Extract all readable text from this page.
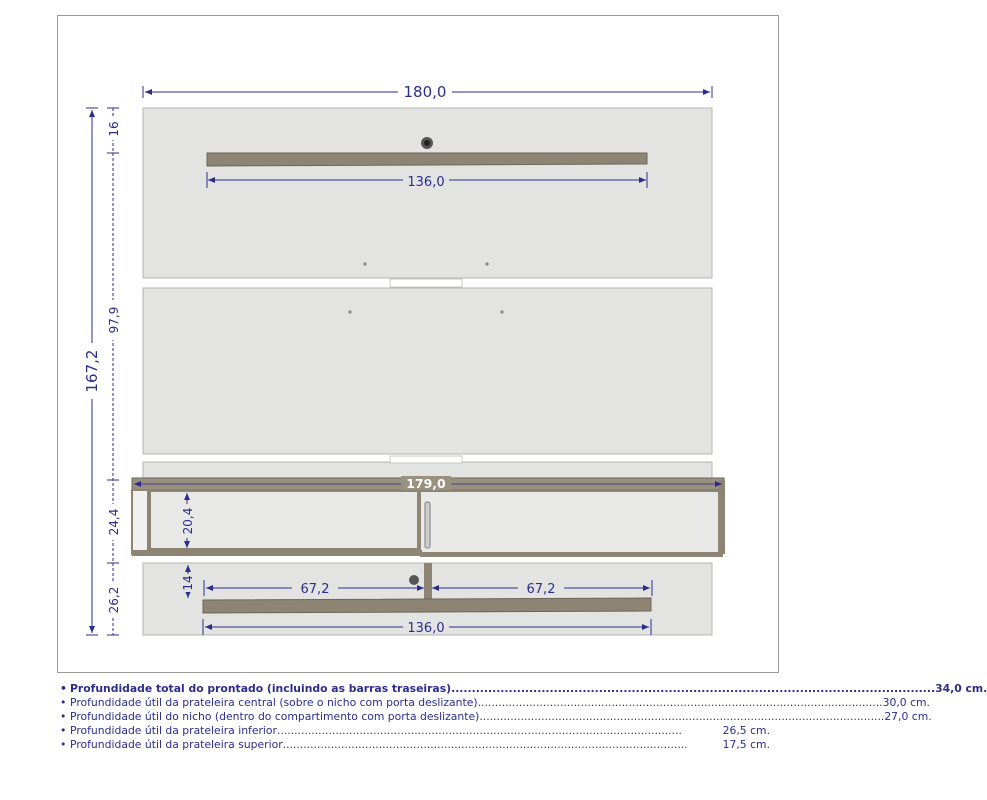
180,0
136,0
167,2
16
97,9
24,4
26,2
179,0
20,4
14	67,2	67,2
136,0
• Profundidade total do prontado (incluindo as barras traseiras) ...................................................................................................................... 34,0 cm.
• Profundidade útil da prateleira central (sobre o nicho com porta deslizante) ...................................................................................................................... 30,0 cm.
• Profundidade útil do nicho (dentro do compartimento com porta deslizante) ...................................................................................................................... 27,0 cm.
• Profundidade útil da prateleira inferior ......................................................................................................................	26,5 cm.
• Profundidade útil da prateleira superior ......................................................................................................................	17,5 cm.
